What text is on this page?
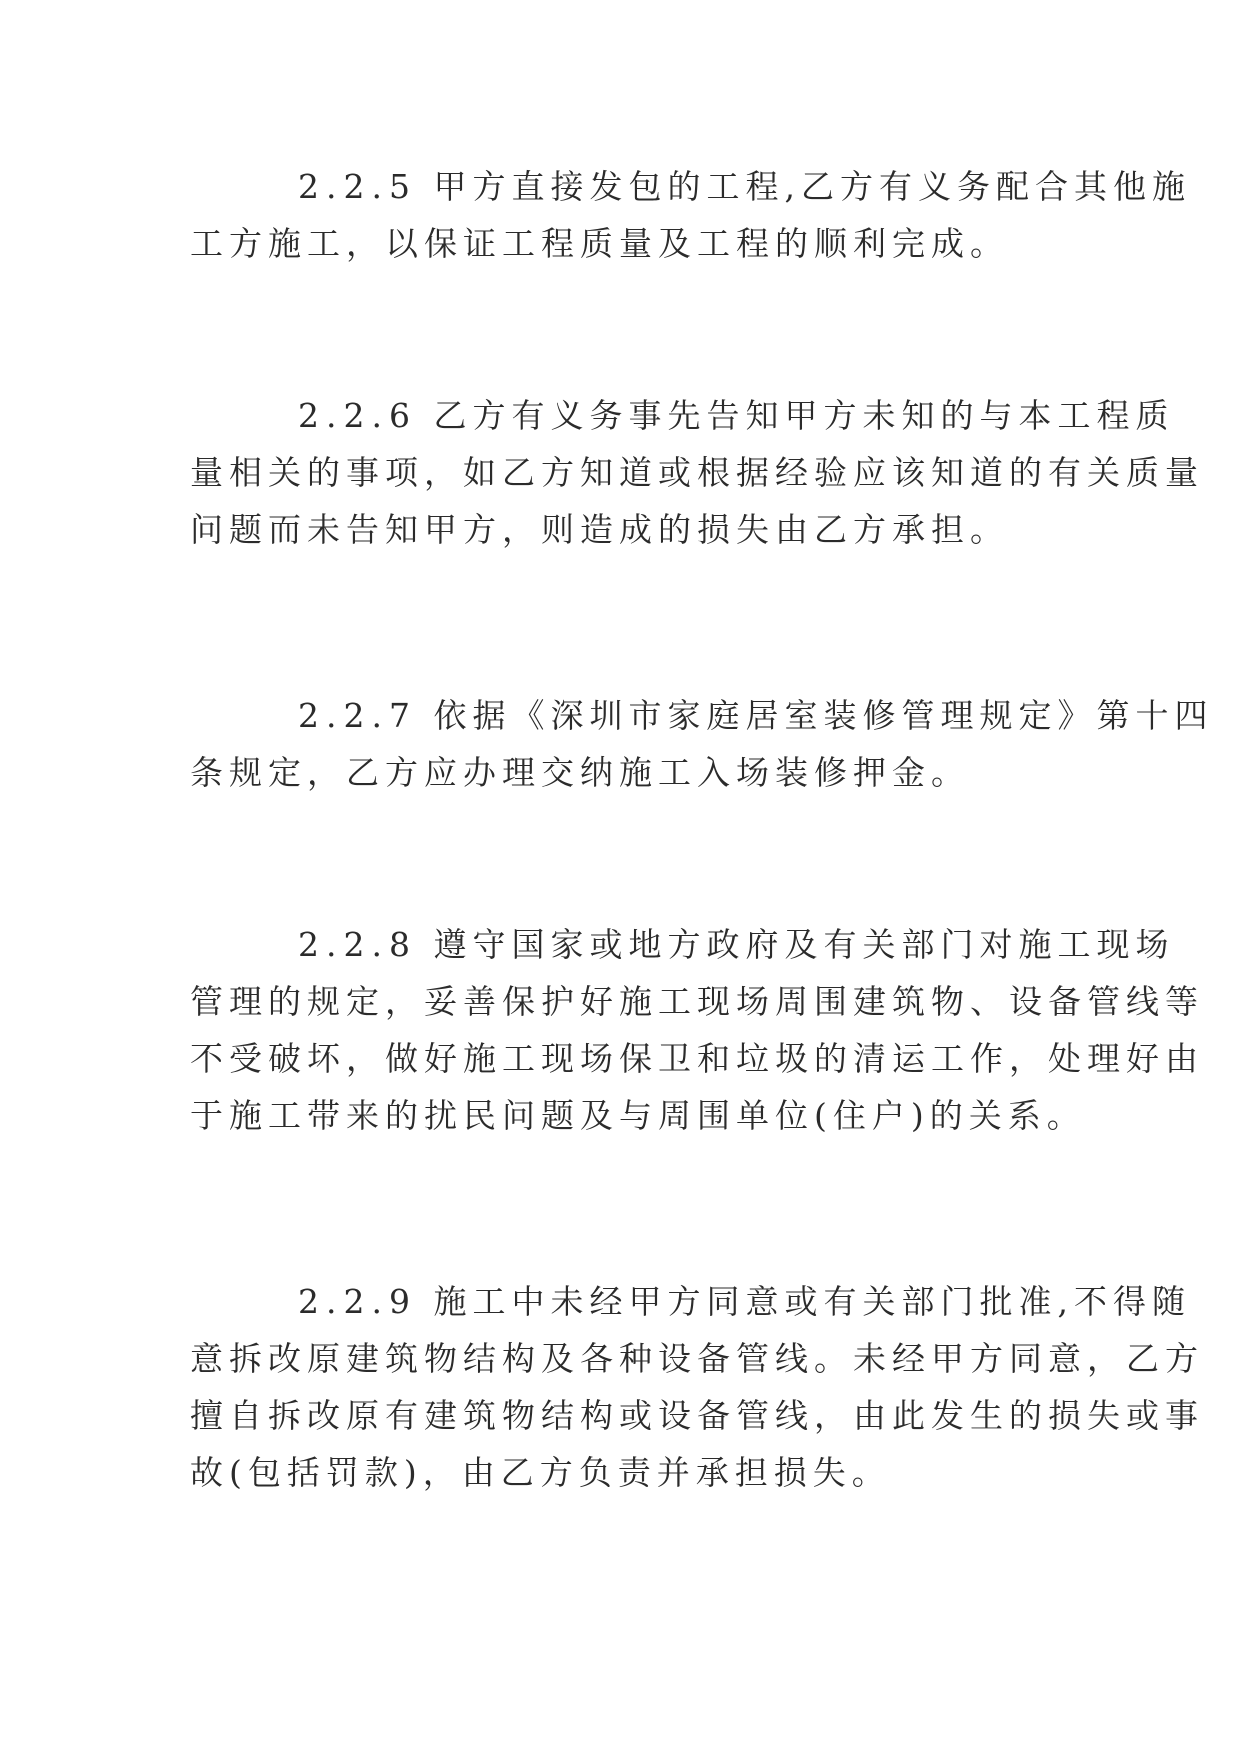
2.2.5 甲方直接发包的工程,乙方有义务配合其他施
工方施工，以保证工程质量及工程的顺利完成。
2.2.6 乙方有义务事先告知甲方未知的与本工程质
量相关的事项，如乙方知道或根据经验应该知道的有关质量
问题而未告知甲方，则造成的损失由乙方承担。
2.2.7 依据《深圳市家庭居室装修管理规定》第十四
条规定，乙方应办理交纳施工入场装修押金。
2.2.8 遵守国家或地方政府及有关部门对施工现场
管理的规定，妥善保护好施工现场周围建筑物、设备管线等
不受破坏，做好施工现场保卫和垃圾的清运工作，处理好由
于施工带来的扰民问题及与周围单位(住户)的关系。
2.2.9 施工中未经甲方同意或有关部门批准,不得随
意拆改原建筑物结构及各种设备管线。未经甲方同意，乙方
擅自拆改原有建筑物结构或设备管线，由此发生的损失或事
故(包括罚款)，由乙方负责并承担损失。
